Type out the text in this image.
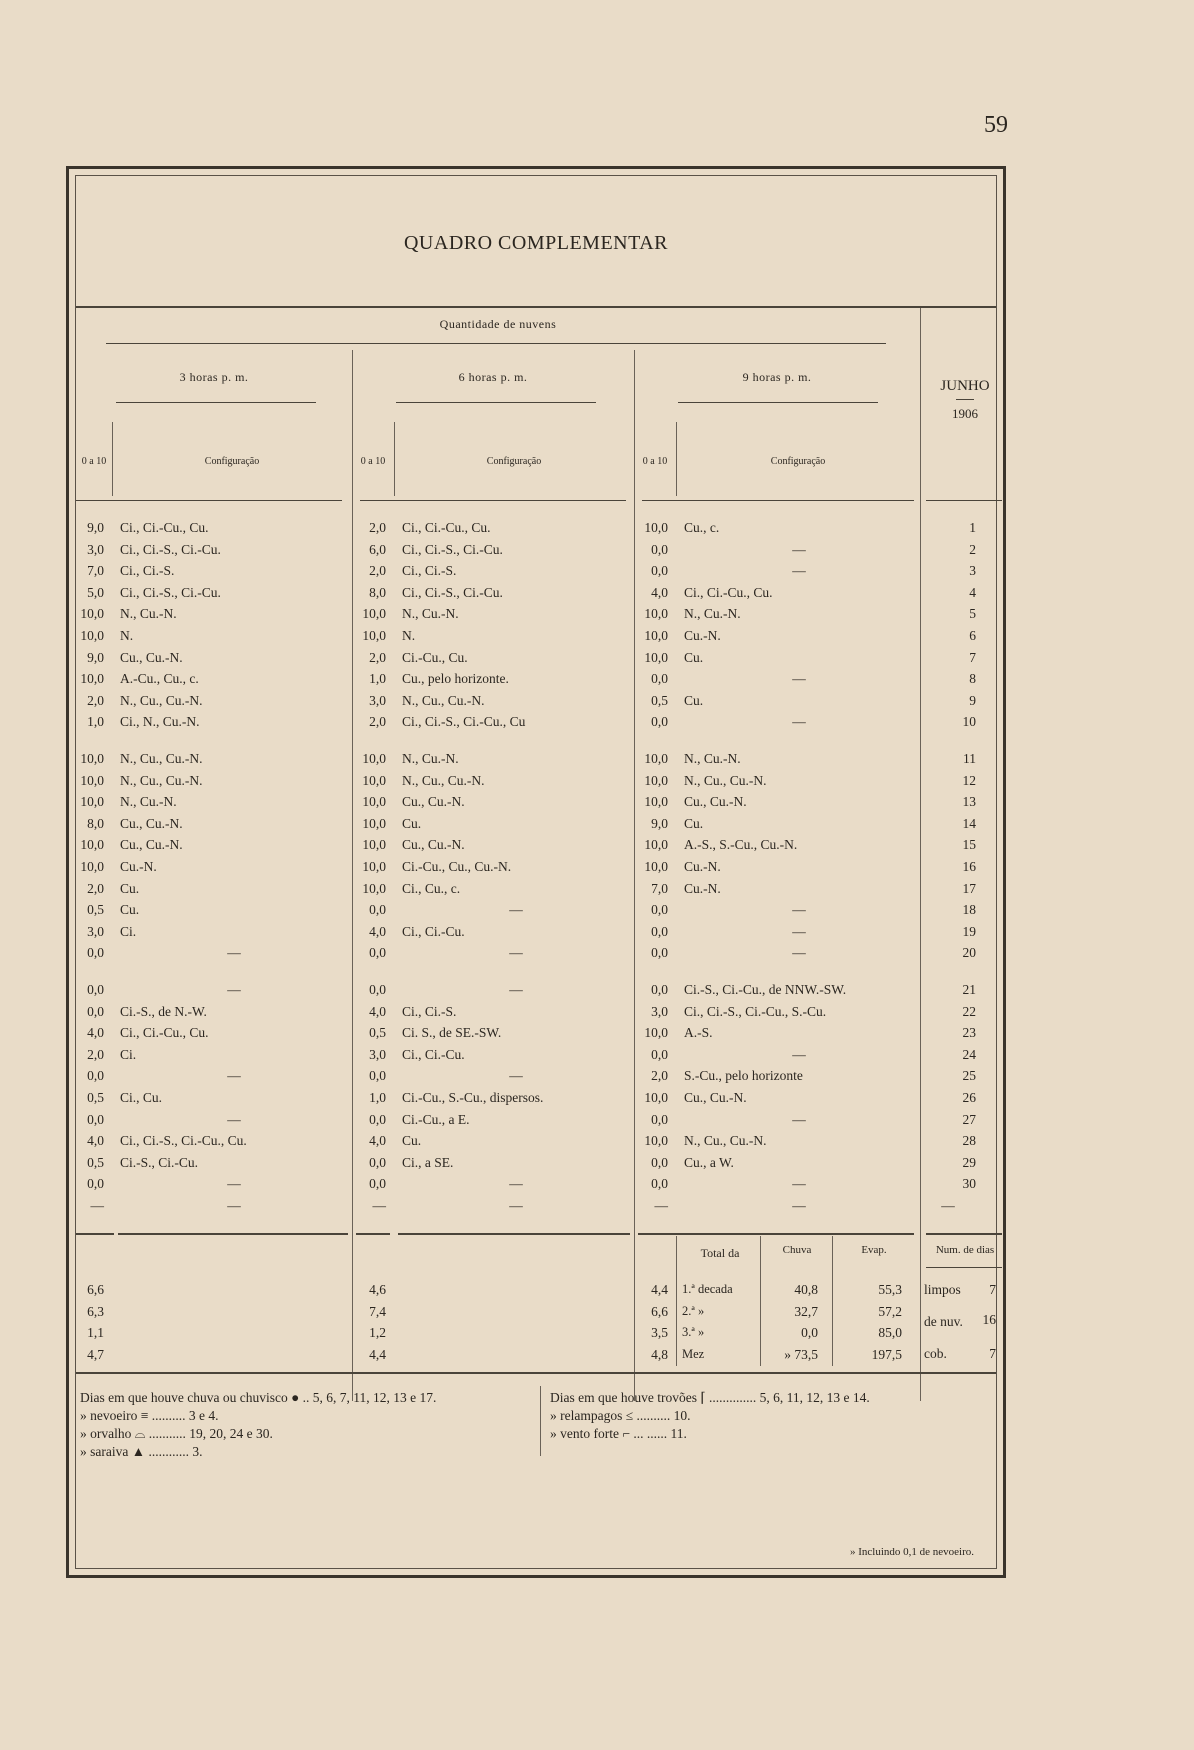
59
QUADRO COMPLEMENTAR
Quantidade de nuvens
3 horas p. m.	6 horas p. m.	9 horas p. m.
JUNHO
1906
0 a 10	Configuração	0 a 10	Configuração	0 a 10	Configuração
9,0 Ci., Ci.-Cu., Cu.	2,0 Ci., Ci.-Cu., Cu.	10,0 Cu., c.	1
3,0 Ci., Ci.-S., Ci.-Cu.	6,0 Ci., Ci.-S., Ci.-Cu.	0,0	—	2
7,0 Ci., Ci.-S.	2,0 Ci., Ci.-S.	0,0	—	3
5,0 Ci., Ci.-S., Ci.-Cu.	8,0 Ci., Ci.-S., Ci.-Cu.	4,0 Ci., Ci.-Cu., Cu.	4
10,0 N., Cu.-N.	10,0 N., Cu.-N.	10,0 N., Cu.-N.	5
10,0 N.	10,0 N.	10,0 Cu.-N.	6
9,0 Cu., Cu.-N.	2,0 Ci.-Cu., Cu.	10,0 Cu.	7
10,0 A.-Cu., Cu., c.	1,0 Cu., pelo horizonte.	0,0	—	8
2,0 N., Cu., Cu.-N.	3,0 N., Cu., Cu.-N.	0,5 Cu.	9
1,0 Ci., N., Cu.-N.	2,0 Ci., Ci.-S., Ci.-Cu., Cu	0,0	—	10
10,0 N., Cu., Cu.-N.	10,0 N., Cu.-N.	10,0 N., Cu.-N.	11
10,0 N., Cu., Cu.-N.	10,0 N., Cu., Cu.-N.	10,0 N., Cu., Cu.-N.	12
10,0 N., Cu.-N.	10,0 Cu., Cu.-N.	10,0 Cu., Cu.-N.	13
8,0 Cu., Cu.-N.	10,0 Cu.	9,0 Cu.	14
10,0 Cu., Cu.-N.	10,0 Cu., Cu.-N.	10,0 A.-S., S.-Cu., Cu.-N.	15
10,0 Cu.-N.	10,0 Ci.-Cu., Cu., Cu.-N.	10,0 Cu.-N.	16
2,0 Cu.	10,0 Ci., Cu., c.	7,0 Cu.-N.	17
0,5 Cu.	0,0	—	0,0	—	18
3,0 Ci.	4,0 Ci., Ci.-Cu.	0,0	—	19
0,0	—	0,0	—	0,0	—	20
0,0	—	0,0	—	0,0 Ci.-S., Ci.-Cu., de NNW.-SW.	21
0,0 Ci.-S., de N.-W.	4,0 Ci., Ci.-S.	3,0 Ci., Ci.-S., Ci.-Cu., S.-Cu.	22
4,0 Ci., Ci.-Cu., Cu.	0,5 Ci. S., de SE.-SW.	10,0 A.-S.	23
2,0 Ci.	3,0 Ci., Ci.-Cu.	0,0	—	24
0,0	—	0,0	—	2,0 S.-Cu., pelo horizonte	25
0,5 Ci., Cu.	1,0 Ci.-Cu., S.-Cu., dispersos.	10,0 Cu., Cu.-N.	26
0,0	—	0,0 Ci.-Cu., a E.	0,0	—	27
4,0 Ci., Ci.-S., Ci.-Cu., Cu.	4,0 Cu.	10,0 N., Cu., Cu.-N.	28
0,5 Ci.-S., Ci.-Cu.	0,0 Ci., a SE.	0,0 Cu., a W.	29
0,0	—	0,0	—	0,0	—	30
—	—	—	—	—	—	—
Total da	Chuva	Evap.	Num. de dias
6,6	4,6	4,4 1.ª decada	40,8	55,3
6,3	7,4	6,6 2.ª »	32,7	57,2
1,1	1,2	3,5 3.ª »	0,0	85,0
4,7	4,4	4,8 Mez	» 73,5	197,5
limpos	7
de nuv.	16
cob.	7
Dias em que houve chuva ou chuvisco ● .. 5, 6, 7, 11, 12, 13 e 17.
» nevoeiro ≡ .......... 3 e 4.
» orvalho ⌓ ........... 19, 20, 24 e 30.
» saraiva ▲ ............ 3.
Dias em que houve trovões ⌈ .............. 5, 6, 11, 12, 13 e 14.
» relampagos ≤ .......... 10.
» vento forte ⌐ ... ...... 11.
» Incluindo 0,1 de nevoeiro.
